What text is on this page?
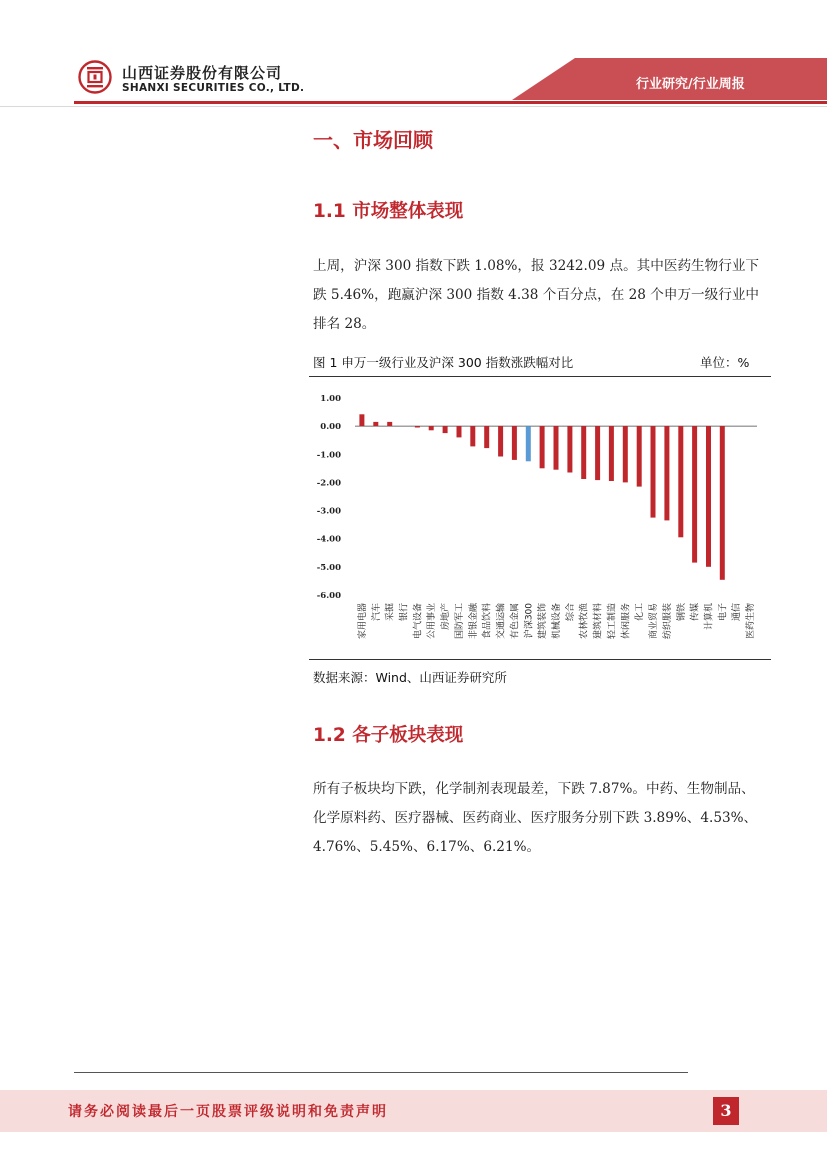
山西证券股份有限公司
SHANXI SECURITIES CO., LTD.	行业研究/行业周报
一、市场回顾
1.1 市场整体表现
上周，沪深 300 指数下跌 1.08%，报 3242.09 点。其中医药生物行业下跌 5.46%，跑赢沪深 300 指数 4.38 个百分点，在 28 个申万一级行业中排名 28。
图 1 申万一级行业及沪深 300 指数涨跌幅对比	单位：%
1.00
0.00
-1.00
-2.00
-3.00
-4.00
-5.00
-6.00
家用电器 汽车 采掘 银行 电气设备 公用事业 房地产 国防军工 非银金融 食品饮料 交通运输 有色金属 沪深300 建筑装饰 机械设备 综合 农林牧渔 建筑材料 轻工制造 休闲服务 化工 商业贸易 纺织服装 钢铁 传媒 计算机 电子 通信 医药生物
数据来源：Wind、山西证券研究所
1.2 各子板块表现
所有子板块均下跌，化学制剂表现最差，下跌 7.87%。中药、生物制品、化学原料药、医疗器械、医药商业、医疗服务分别下跌 3.89%、4.53%、4.76%、5.45%、6.17%、6.21%。
请务必阅读最后一页股票评级说明和免责声明	3
